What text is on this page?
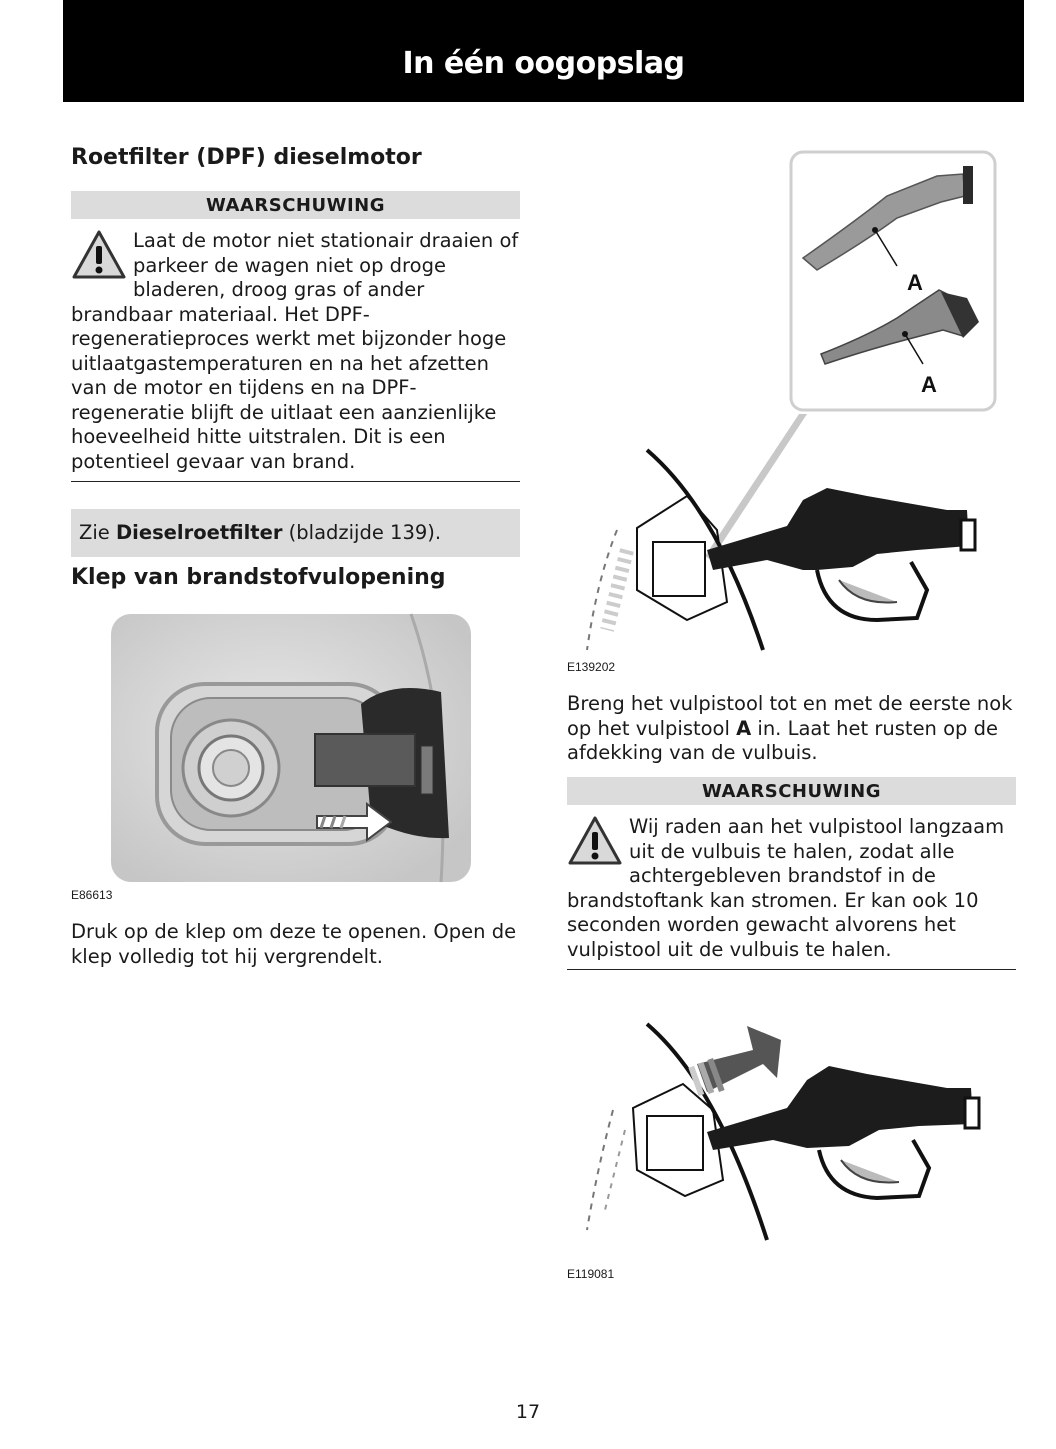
In één oogopslag
Roetfilter (DPF) dieselmotor
WAARSCHUWING

Laat de motor niet stationair draaien of parkeer de wagen niet op droge bladeren, droog gras of ander brandbaar materiaal. Het DPF-regeneratieproces werkt met bijzonder hoge uitlaatgastemperaturen en na het afzetten van de motor en tijdens en na DPF-regeneratie blijft de uitlaat een aanzienlijke hoeveelheid hitte uitstralen. Dit is een potentieel gevaar van brand.

Zie Dieselroetfilter (bladzijde 139).
Klep van brandstofvulopening
E86613

Druk op de klep om deze te openen. Open de klep volledig tot hij vergrendelt.

A
A
E139202

Breng het vulpistool tot en met de eerste nok op het vulpistool A in. Laat het rusten op de afdekking van de vulbuis.

WAARSCHUWING

Wij raden aan het vulpistool langzaam uit de vulbuis te halen, zodat alle achtergebleven brandstof in de brandstoftank kan stromen. Er kan ook 10 seconden worden gewacht alvorens het vulpistool uit de vulbuis te halen.

E119081
17
